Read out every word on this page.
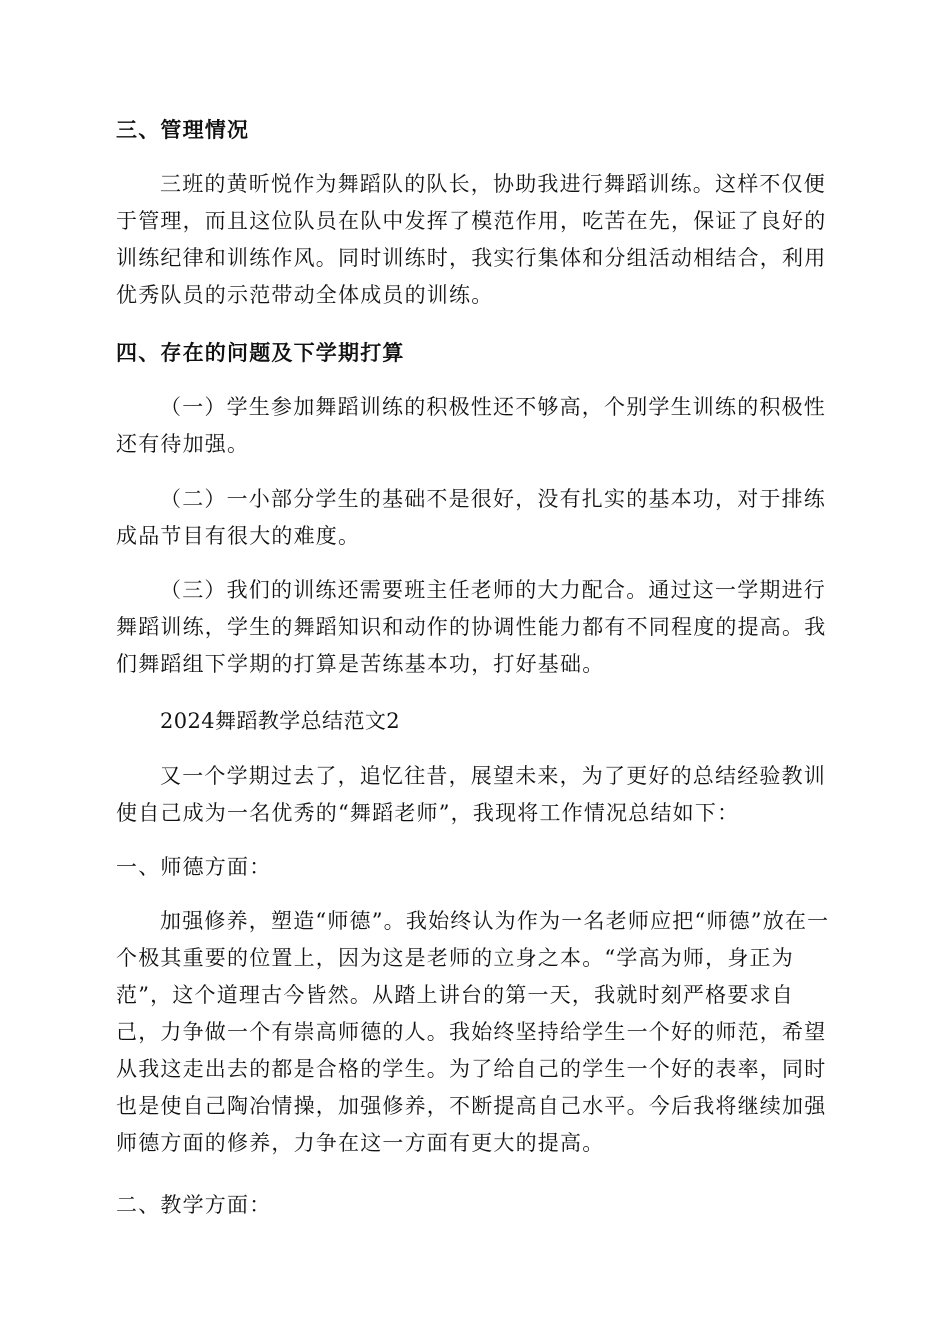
三、管理情况
三班的黄昕悦作为舞蹈队的队长，协助我进行舞蹈训练。这样不仅便于管理，而且这位队员在队中发挥了模范作用，吃苦在先，保证了良好的训练纪律和训练作风。同时训练时，我实行集体和分组活动相结合，利用优秀队员的示范带动全体成员的训练。
四、存在的问题及下学期打算
（一）学生参加舞蹈训练的积极性还不够高，个别学生训练的积极性还有待加强。
（二）一小部分学生的基础不是很好，没有扎实的基本功，对于排练成品节目有很大的难度。
（三）我们的训练还需要班主任老师的大力配合。通过这一学期进行舞蹈训练，学生的舞蹈知识和动作的协调性能力都有不同程度的提高。我们舞蹈组下学期的打算是苦练基本功，打好基础。
2024舞蹈教学总结范文2
又一个学期过去了，追忆往昔，展望未来，为了更好的总结经验教训使自己成为一名优秀的“舞蹈老师”，我现将工作情况总结如下：
一、师德方面：
加强修养，塑造“师德”。我始终认为作为一名老师应把“师德”放在一个极其重要的位置上，因为这是老师的立身之本。“学高为师，身正为范”，这个道理古今皆然。从踏上讲台的第一天，我就时刻严格要求自己，力争做一个有崇高师德的人。我始终坚持给学生一个好的师范，希望从我这走出去的都是合格的学生。为了给自己的学生一个好的表率，同时也是使自己陶冶情操，加强修养，不断提高自己水平。今后我将继续加强师德方面的修养，力争在这一方面有更大的提高。
二、教学方面：
